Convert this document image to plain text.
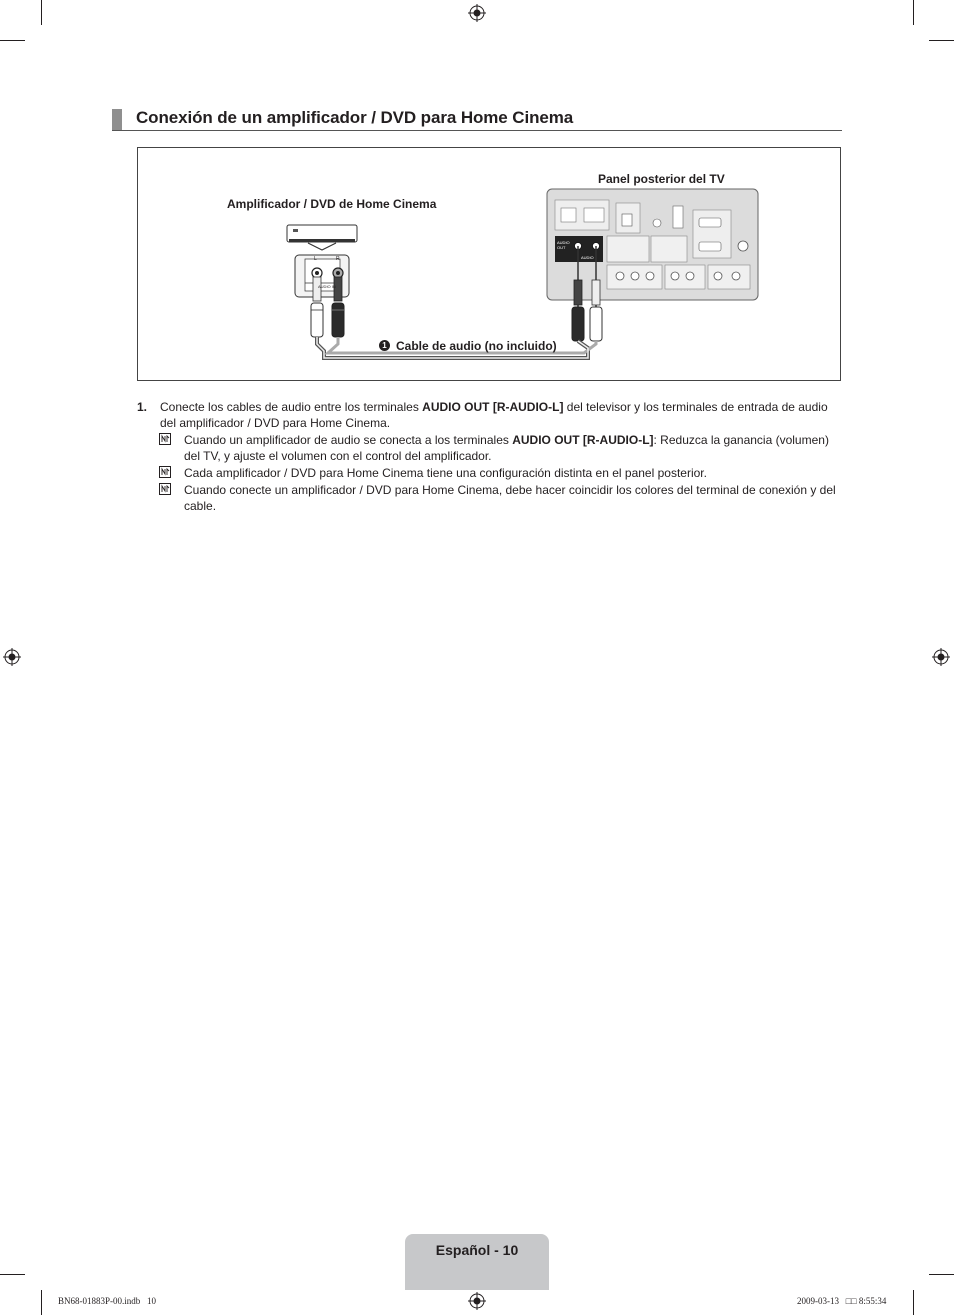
Conexión de un amplificador / DVD para Home Cinema
Panel posterior del TV
Amplificador / DVD de Home Cinema
L	R
AUDIO IN
AUDIO OUT
AUDIO
1 Cable de audio (no incluido)
1. Conecte los cables de audio entre los terminales AUDIO OUT [R-AUDIO-L] del televisor y los terminales de entrada de audio del amplificador / DVD para Home Cinema.
Cuando un amplificador de audio se conecta a los terminales AUDIO OUT [R-AUDIO-L]: Reduzca la ganancia (volumen) del TV, y ajuste el volumen con el control del amplificador.
Cada amplificador / DVD para Home Cinema tiene una configuración distinta en el panel posterior.
Cuando conecte un amplificador / DVD para Home Cinema, debe hacer coincidir los colores del terminal de conexión y del cable.
Español - 10
BN68-01883P-00.indb   10	2009-03-13   □□ 8:55:34
